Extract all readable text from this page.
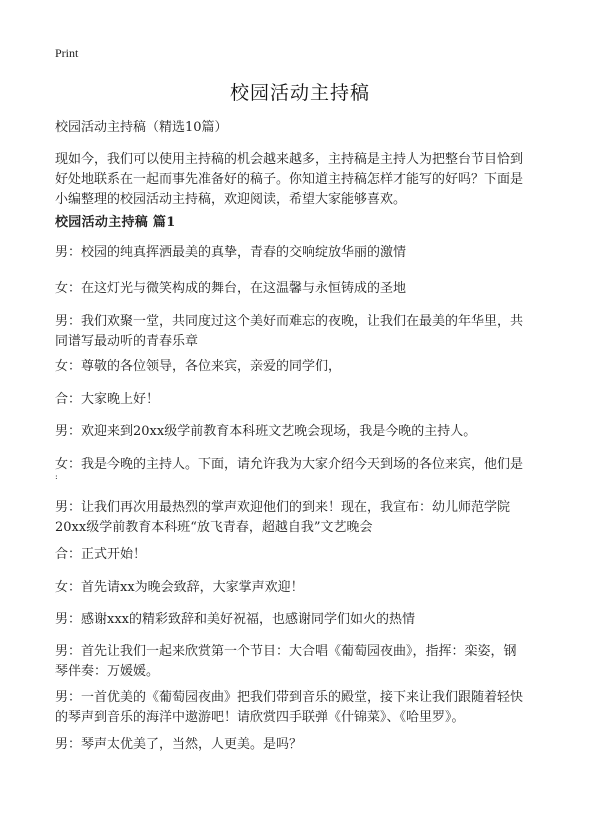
Print
校园活动主持稿
校园活动主持稿（精选10篇）
现如今，我们可以使用主持稿的机会越来越多，主持稿是主持人为把整台节目恰到
好处地联系在一起而事先准备好的稿子。你知道主持稿怎样才能写的好吗？下面是
小编整理的校园活动主持稿，欢迎阅读，希望大家能够喜欢。
校园活动主持稿 篇1
男：校园的纯真挥洒最美的真挚，青春的交响绽放华丽的激情
女：在这灯光与微笑构成的舞台，在这温馨与永恒铸成的圣地
男：我们欢聚一堂，共同度过这个美好而难忘的夜晚，让我们在最美的年华里，共
同谱写最动听的青春乐章
女：尊敬的各位领导，各位来宾，亲爱的同学们，
合：大家晚上好！
男：欢迎来到20xx级学前教育本科班文艺晚会现场，我是今晚的主持人。
女：我是今晚的主持人。下面，请允许我为大家介绍今天到场的各位来宾，他们是
:
男：让我们再次用最热烈的掌声欢迎他们的到来！现在，我宣布：幼儿师范学院
20xx级学前教育本科班“放飞青春，超越自我”文艺晚会
合：正式开始！
女：首先请xx为晚会致辞，大家掌声欢迎！
男：感谢xxx的精彩致辞和美好祝福，也感谢同学们如火的热情
男：首先让我们一起来欣赏第一个节目：大合唱《葡萄园夜曲》，指挥：栾姿，钢
琴伴奏：万媛媛。
男：一首优美的《葡萄园夜曲》把我们带到音乐的殿堂，接下来让我们跟随着轻快
的琴声到音乐的海洋中遨游吧！请欣赏四手联弹《什锦菜》、《哈里罗》。
男：琴声太优美了，当然，人更美。是吗？
